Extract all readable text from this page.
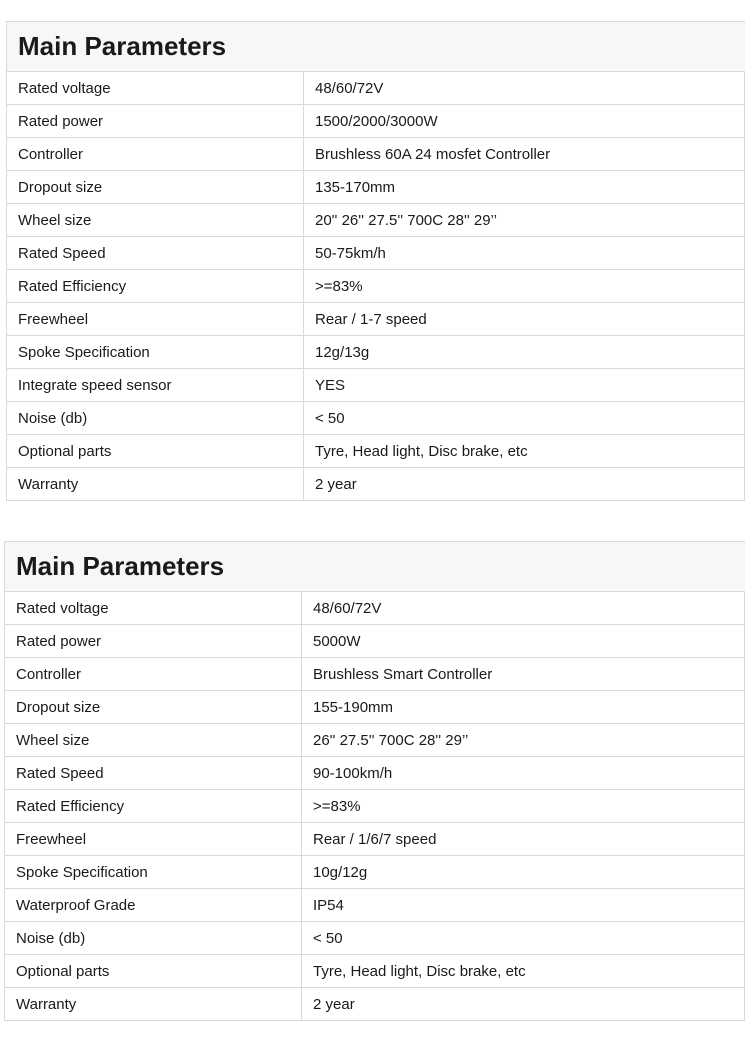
Main Parameters	
Rated voltage	48/60/72V
Rated power	1500/2000/3000W
Controller	Brushless 60A 24 mosfet Controller
Dropout size	135-170mm
Wheel size	20'' 26'' 27.5'' 700C 28'' 29’’
Rated Speed	50-75km/h
Rated Efficiency	>=83%
Freewheel	Rear / 1-7 speed
Spoke Specification	12g/13g
Integrate speed sensor	YES
Noise (db)	< 50
Optional parts	Tyre, Head light, Disc brake, etc
Warranty	2 year
Main Parameters	
Rated voltage	48/60/72V
Rated power	5000W
Controller	Brushless Smart Controller
Dropout size	155-190mm
Wheel size	26'' 27.5'' 700C 28'' 29’’
Rated Speed	90-100km/h
Rated Efficiency	>=83%
Freewheel	Rear / 1/6/7 speed
Spoke Specification	10g/12g
Waterproof Grade	IP54
Noise (db)	< 50
Optional parts	Tyre, Head light, Disc brake, etc
Warranty	2 year
